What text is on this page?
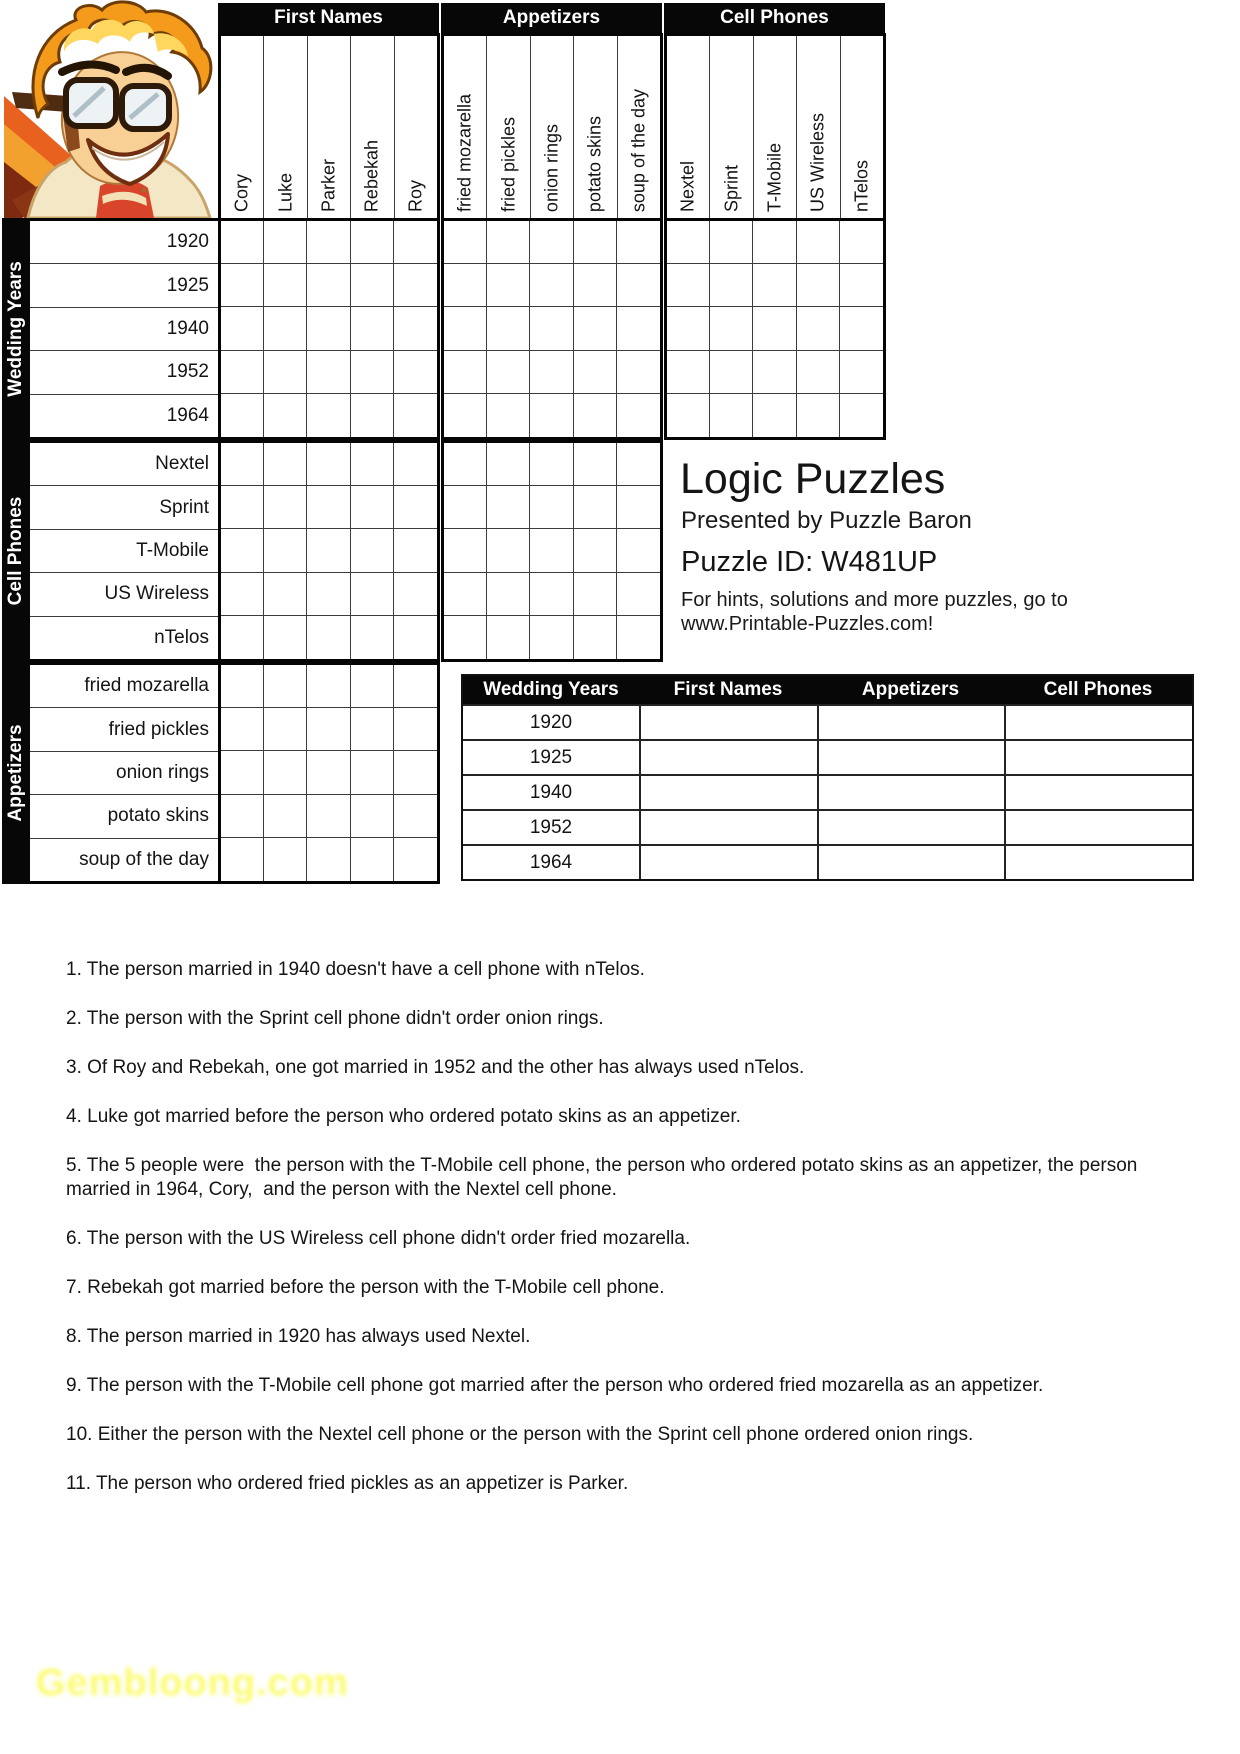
First Names
Cory Luke Parker Rebekah Roy
Appetizers
fried mozarella fried pickles onion rings potato skins soup of the day
Cell Phones
Nextel Sprint T-Mobile US Wireless nTelos
Wedding Years
1920
1925
1940
1952
1964
Cell Phones
Nextel
Sprint
T-Mobile
US Wireless
nTelos
Appetizers
fried mozarella
fried pickles
onion rings
potato skins
soup of the day
Logic Puzzles
Presented by Puzzle Baron
Puzzle ID: W481UP
For hints, solutions and more puzzles, go to
www.Printable-Puzzles.com!
Wedding Years	First Names	Appetizers	Cell Phones
1920
1925
1940
1952
1964

1. The person married in 1940 doesn't have a cell phone with nTelos.

2. The person with the Sprint cell phone didn't order onion rings.

3. Of Roy and Rebekah, one got married in 1952 and the other has always used nTelos.

4. Luke got married before the person who ordered potato skins as an appetizer.

5. The 5 people were  the person with the T-Mobile cell phone, the person who ordered potato skins as an appetizer, the person married in 1964, Cory,  and the person with the Nextel cell phone.

6. The person with the US Wireless cell phone didn't order fried mozarella.

7. Rebekah got married before the person with the T-Mobile cell phone.

8. The person married in 1920 has always used Nextel.

9. The person with the T-Mobile cell phone got married after the person who ordered fried mozarella as an appetizer.

10. Either the person with the Nextel cell phone or the person with the Sprint cell phone ordered onion rings.

11. The person who ordered fried pickles as an appetizer is Parker.

Gembloong.com
